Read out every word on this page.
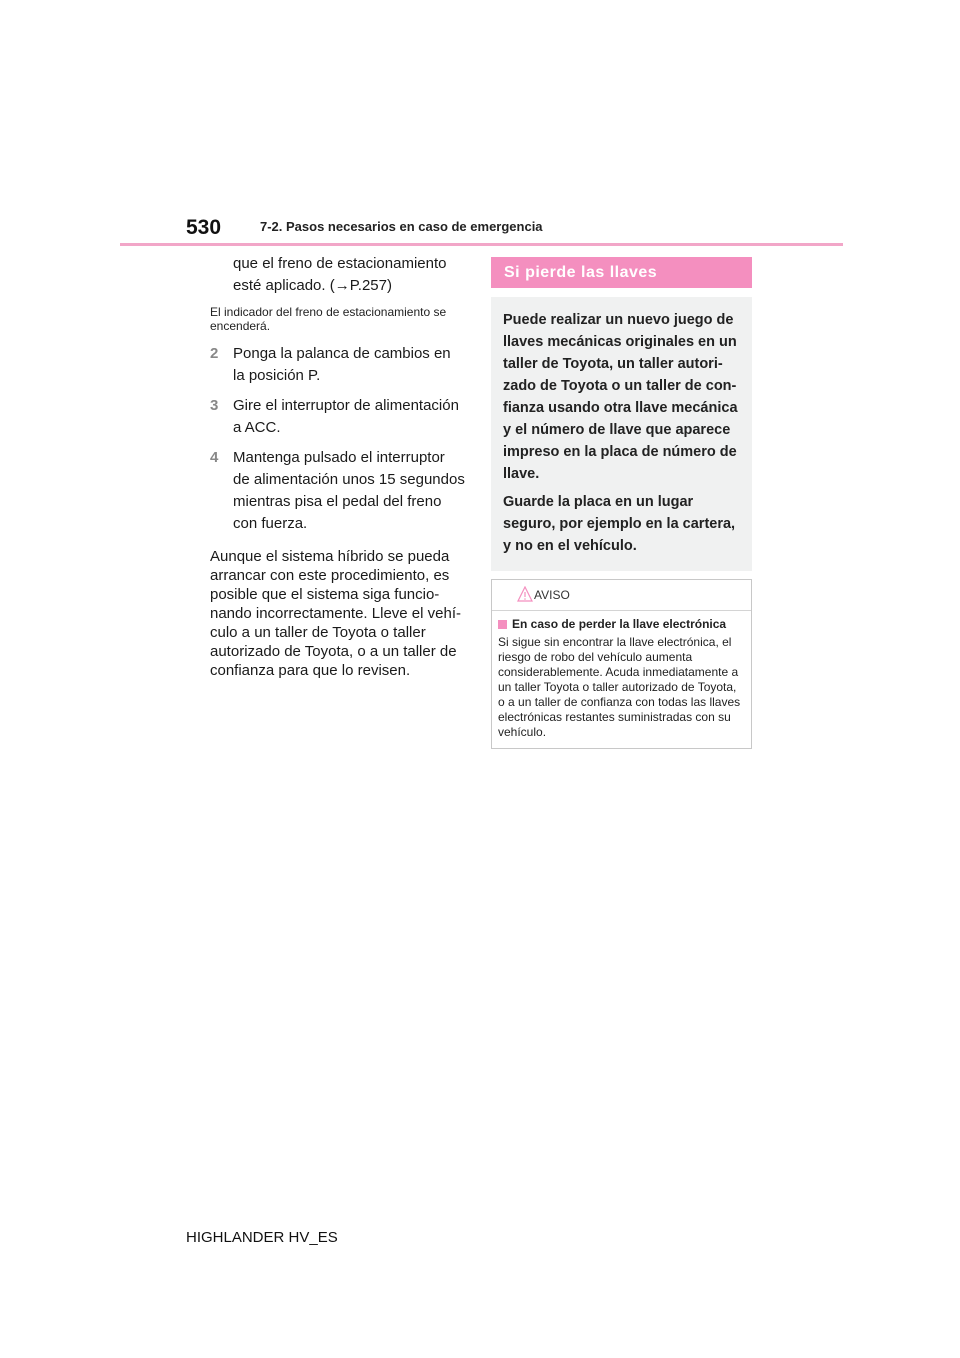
530	7-2. Pasos necesarios en caso de emergencia

que el freno de estacionamiento esté aplicado. (→P.257)

El indicador del freno de estacionamiento se encenderá.

2 Ponga la palanca de cambios en la posición P.
3 Gire el interruptor de alimentación a ACC.
4 Mantenga pulsado el interruptor de alimentación unos 15 segundos mientras pisa el pedal del freno con fuerza.
Aunque el sistema híbrido se pueda arrancar con este procedimiento, es posible que el sistema siga funcionando incorrectamente. Lleve el vehículo a un taller de Toyota o taller autorizado de Toyota, o a un taller de confianza para que lo revisen.
Si pierde las llaves

Puede realizar un nuevo juego de llaves mecánicas originales en un taller de Toyota, un taller autorizado de Toyota o un taller de confianza usando otra llave mecánica y el número de llave que aparece impreso en la placa de número de llave.

Guarde la placa en un lugar seguro, por ejemplo en la cartera, y no en el vehículo.

AVISO
En caso de perder la llave electrónica
Si sigue sin encontrar la llave electrónica, el riesgo de robo del vehículo aumenta considerablemente. Acuda inmediatamente a un taller Toyota o taller autorizado de Toyota, o a un taller de confianza con todas las llaves electrónicas restantes suministradas con su vehículo.
HIGHLANDER HV_ES
